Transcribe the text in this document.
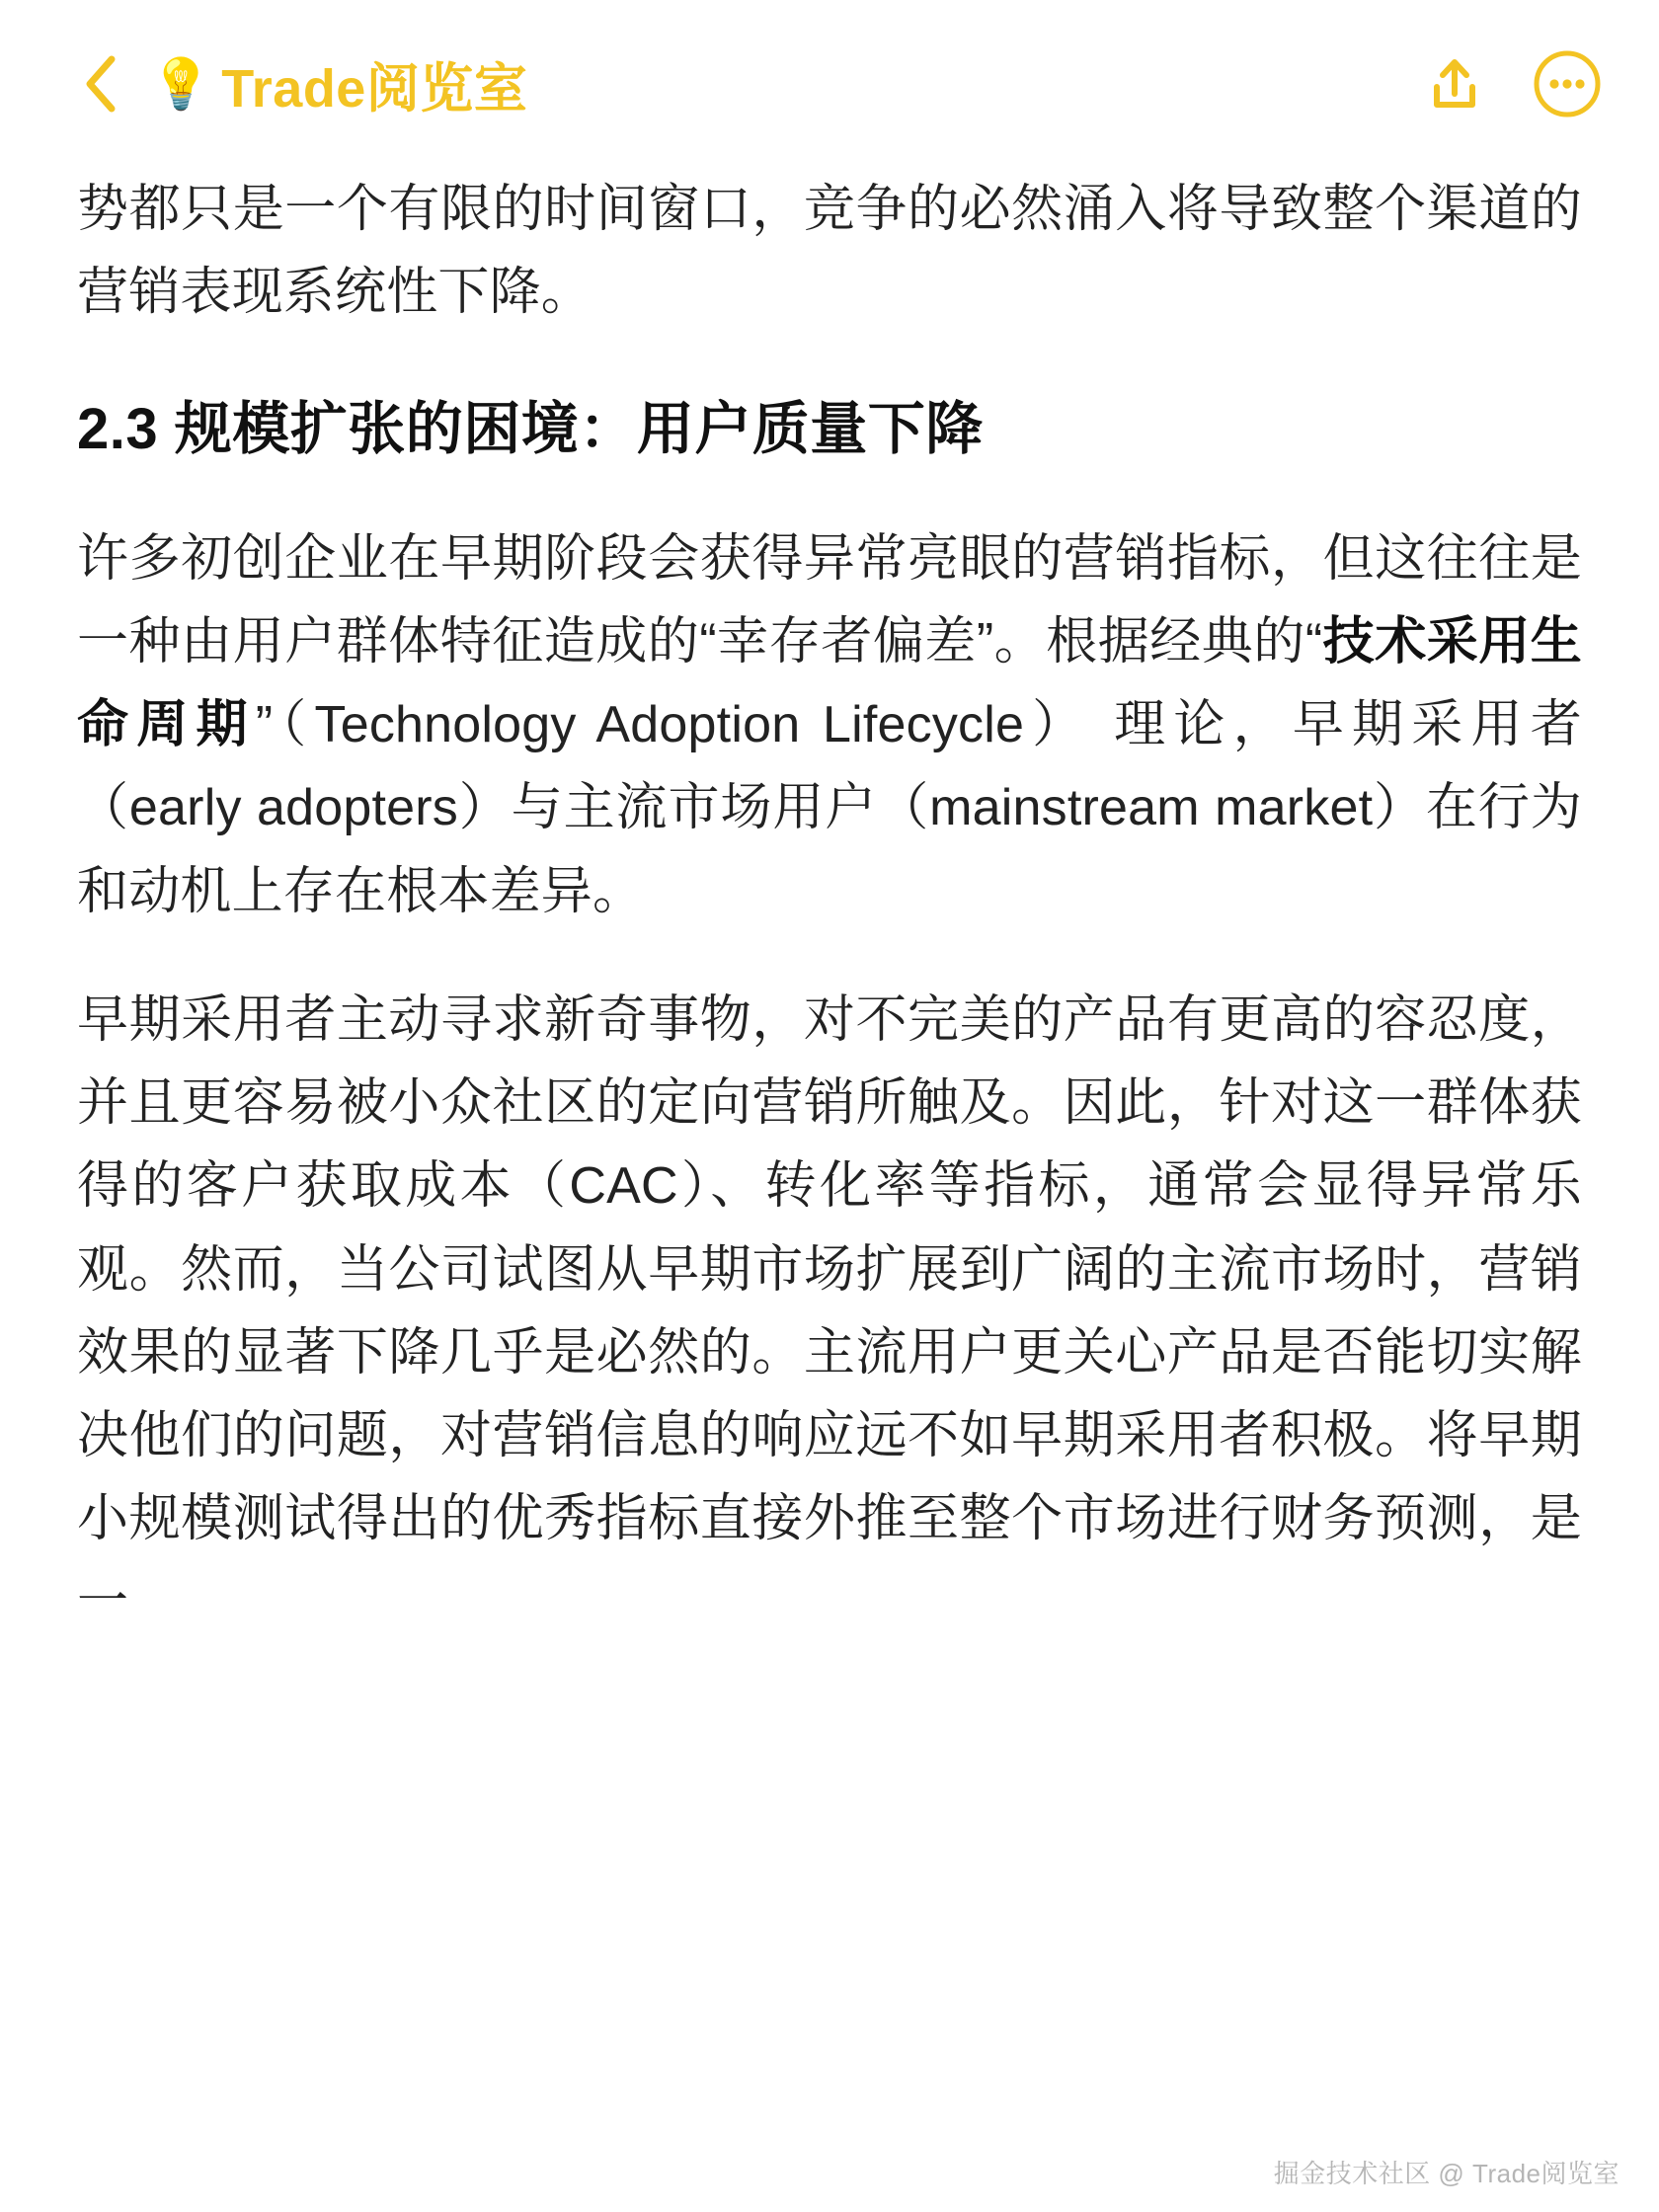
💡 Trade阅览室

势都只是一个有限的时间窗口，竞争的必然涌入将导致整个渠道的营销表现系统性下降。

2.3 规模扩张的困境：用户质量下降

许多初创企业在早期阶段会获得异常亮眼的营销指标，但这往往是一种由用户群体特征造成的“幸存者偏差”。根据经典的“技术采用生命周期”（Technology Adoption Lifecycle） 理论，早期采用者（early adopters）与主流市场用户（mainstream market）在行为和动机上存在根本差异。

早期采用者主动寻求新奇事物，对不完美的产品有更高的容忍度，并且更容易被小众社区的定向营销所触及。因此，针对这一群体获得的客户获取成本（CAC）、转化率等指标，通常会显得异常乐观。然而，当公司试图从早期市场扩展到广阔的主流市场时，营销效果的显著下降几乎是必然的。主流用户更关心产品是否能切实解决他们的问题，对营销信息的响应远不如早期采用者积极。将早期小规模测试得出的优秀指标直接外推至整个市场进行财务预测，是一

掘金技术社区 @ Trade阅览室
